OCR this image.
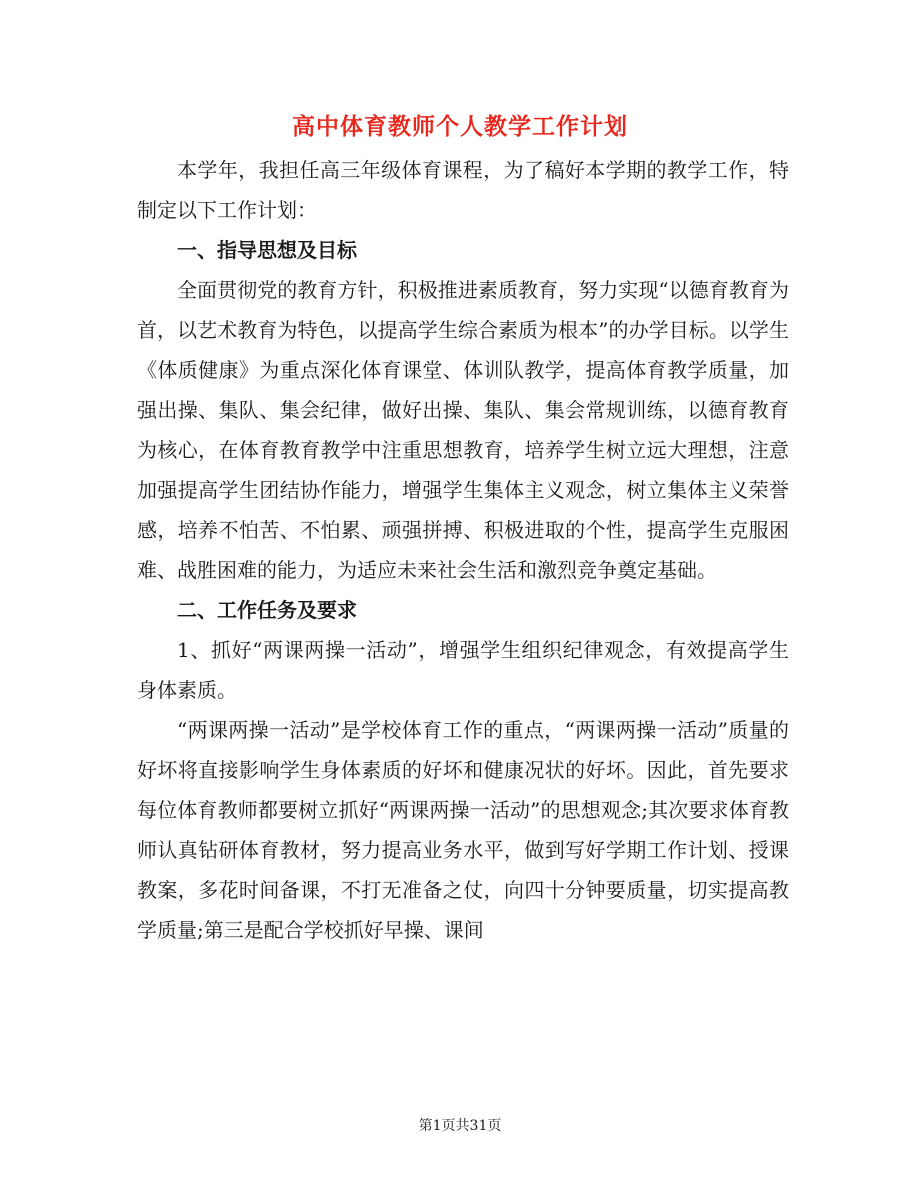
高中体育教师个人教学工作计划

本学年，我担任高三年级体育课程，为了稿好本学期的教学工作，特制定以下工作计划：

一、指导思想及目标

全面贯彻党的教育方针，积极推进素质教育，努力实现“以德育教育为首，以艺术教育为特色，以提高学生综合素质为根本”的办学目标。以学生《体质健康》为重点深化体育课堂、体训队教学，提高体育教学质量，加强出操、集队、集会纪律，做好出操、集队、集会常规训练，以德育教育为核心，在体育教育教学中注重思想教育，培养学生树立远大理想，注意加强提高学生团结协作能力，增强学生集体主义观念，树立集体主义荣誉感，培养不怕苦、不怕累、顽强拼搏、积极进取的个性，提高学生克服困难、战胜困难的能力，为适应未来社会生活和激烈竞争奠定基础。

二、工作任务及要求

1、抓好“两课两操一活动”，增强学生组织纪律观念，有效提高学生身体素质。

“两课两操一活动”是学校体育工作的重点，“两课两操一活动”质量的好坏将直接影响学生身体素质的好坏和健康况状的好坏。因此，首先要求每位体育教师都要树立抓好“两课两操一活动”的思想观念;其次要求体育教师认真钻研体育教材，努力提高业务水平，做到写好学期工作计划、授课教案，多花时间备课，不打无准备之仗，向四十分钟要质量，切实提高教学质量;第三是配合学校抓好早操、课间

第1页共31页
